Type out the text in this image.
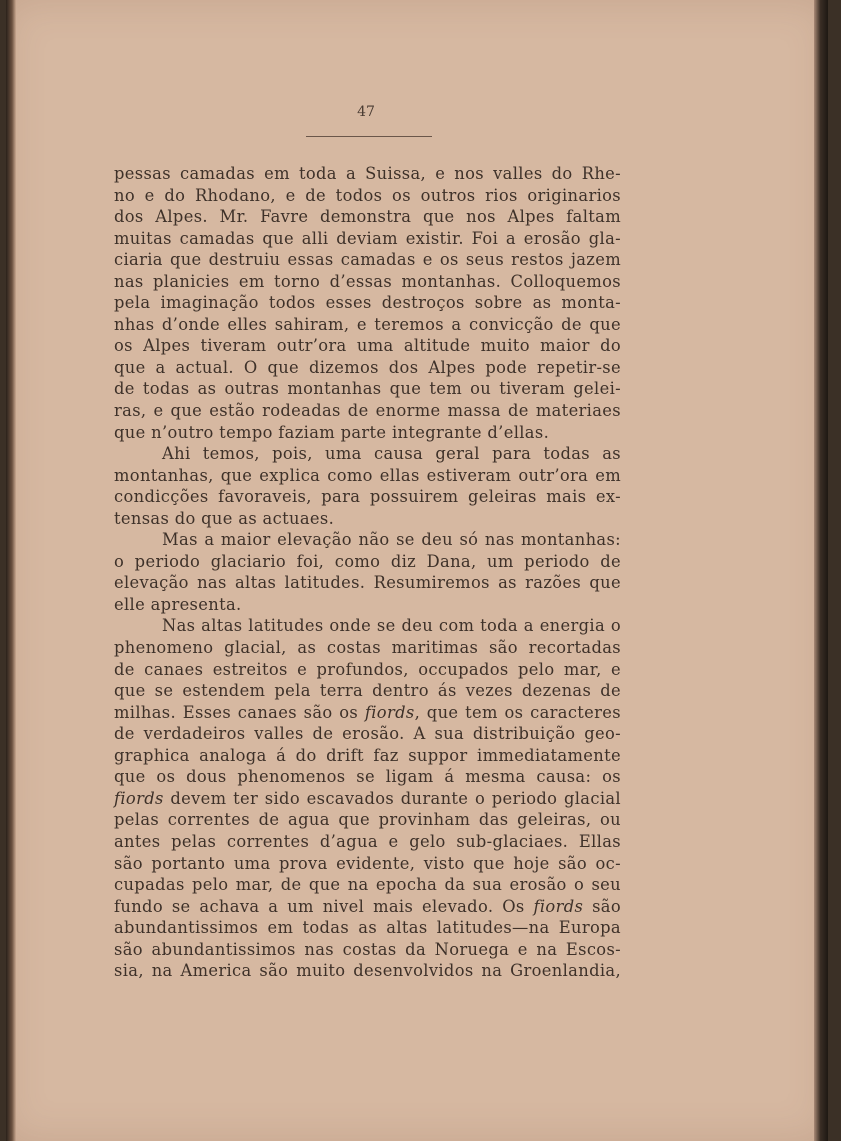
47
pessas camadas em toda a Suissa, e nos valles do Rhe-
no e do Rhodano, e de todos os outros rios originarios
dos Alpes. Mr. Favre demonstra que nos Alpes faltam
muitas camadas que alli deviam existir. Foi a erosão gla-
ciaria que destruiu essas camadas e os seus restos jazem
nas planicies em torno d’essas montanhas. Colloquemos
pela imaginação todos esses destroços sobre as monta-
nhas d’onde elles sahiram, e teremos a convicção de que
os Alpes tiveram outr’ora uma altitude muito maior do
que a actual. O que dizemos dos Alpes pode repetir-se
de todas as outras montanhas que tem ou tiveram gelei-
ras, e que estão rodeadas de enorme massa de materiaes
que n’outro tempo faziam parte integrante d’ellas.
Ahi temos, pois, uma causa geral para todas as
montanhas, que explica como ellas estiveram outr’ora em
condicções favoraveis, para possuirem geleiras mais ex-
tensas do que as actuaes.
Mas a maior elevação não se deu só nas montanhas:
o periodo glaciario foi, como diz Dana, um periodo de
elevação nas altas latitudes. Resumiremos as razões que
elle apresenta.
Nas altas latitudes onde se deu com toda a energia o
phenomeno glacial, as costas maritimas são recortadas
de canaes estreitos e profundos, occupados pelo mar, e
que se estendem pela terra dentro ás vezes dezenas de
milhas. Esses canaes são os fiords, que tem os caracteres
de verdadeiros valles de erosão. A sua distribuição geo-
graphica analoga á do drift faz suppor immediatamente
que os dous phenomenos se ligam á mesma causa: os
fiords devem ter sido escavados durante o periodo glacial
pelas correntes de agua que provinham das geleiras, ou
antes pelas correntes d’agua e gelo sub-glaciaes. Ellas
são portanto uma prova evidente, visto que hoje são oc-
cupadas pelo mar, de que na epocha da sua erosão o seu
fundo se achava a um nivel mais elevado. Os fiords são
abundantissimos em todas as altas latitudes—na Europa
são abundantissimos nas costas da Noruega e na Escos-
sia, na America são muito desenvolvidos na Groenlandia,
